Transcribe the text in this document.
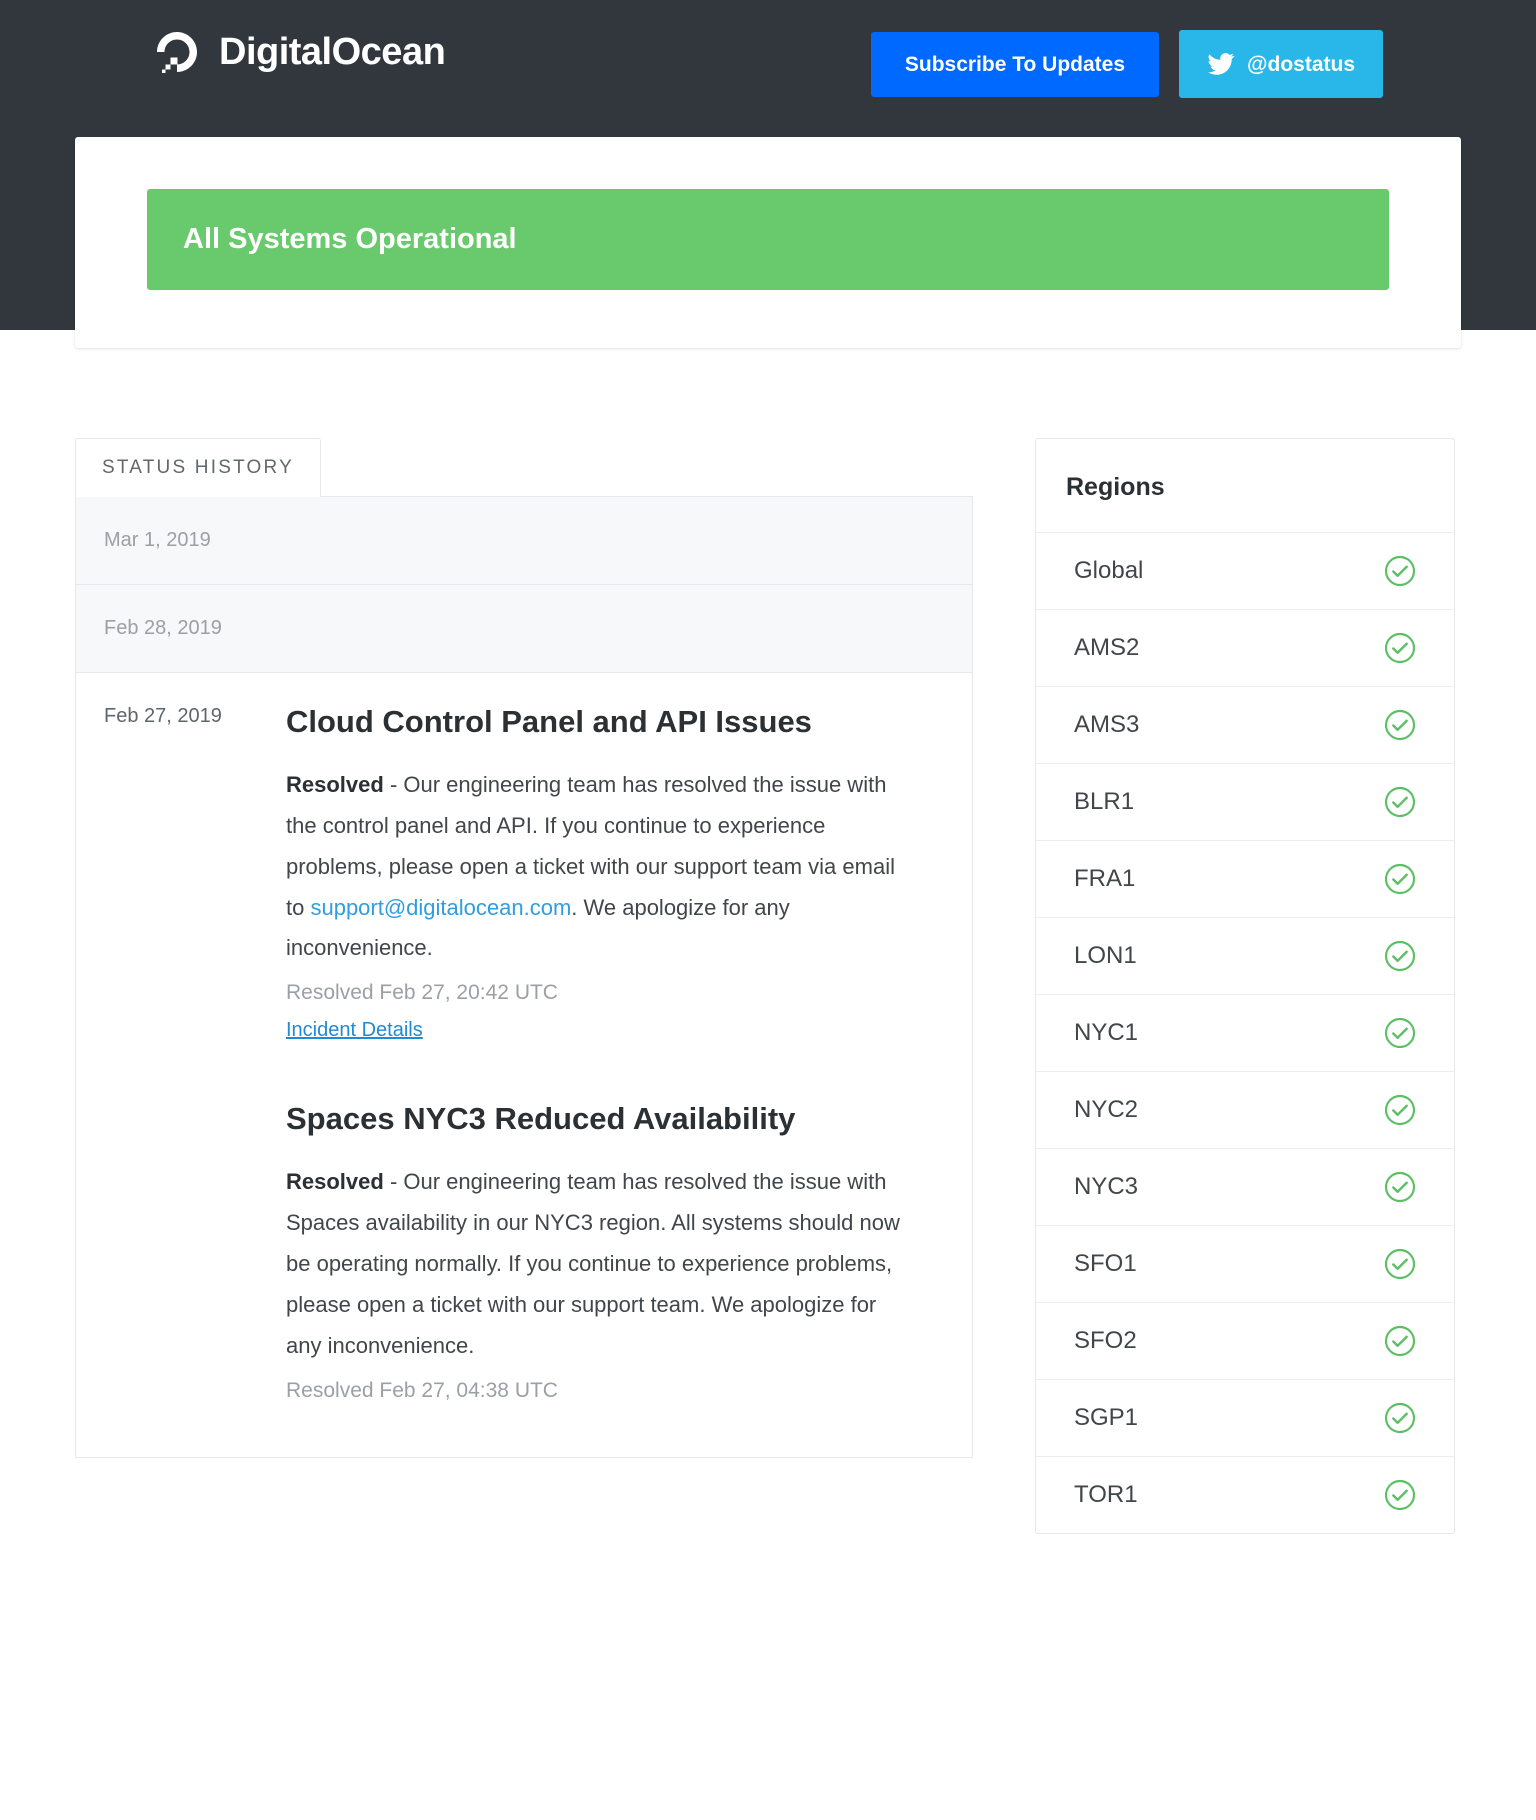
DigitalOcean	Subscribe To Updates	@dostatus
All Systems Operational
STATUS HISTORY
Mar 1, 2019
Feb 28, 2019
Feb 27, 2019	Cloud Control Panel and API Issues

Resolved - Our engineering team has resolved the issue with the control panel and API. If you continue to experience problems, please open a ticket with our support team via email to support@digitalocean.com. We apologize for any inconvenience.

Resolved Feb 27, 20:42 UTC
Incident Details
Spaces NYC3 Reduced Availability

Resolved - Our engineering team has resolved the issue with Spaces availability in our NYC3 region. All systems should now be operating normally. If you continue to experience problems, please open a ticket with our support team. We apologize for any inconvenience.

Resolved Feb 27, 04:38 UTC
Regions
Global
AMS2
AMS3
BLR1
FRA1
LON1
NYC1
NYC2
NYC3
SFO1
SFO2
SGP1
TOR1
